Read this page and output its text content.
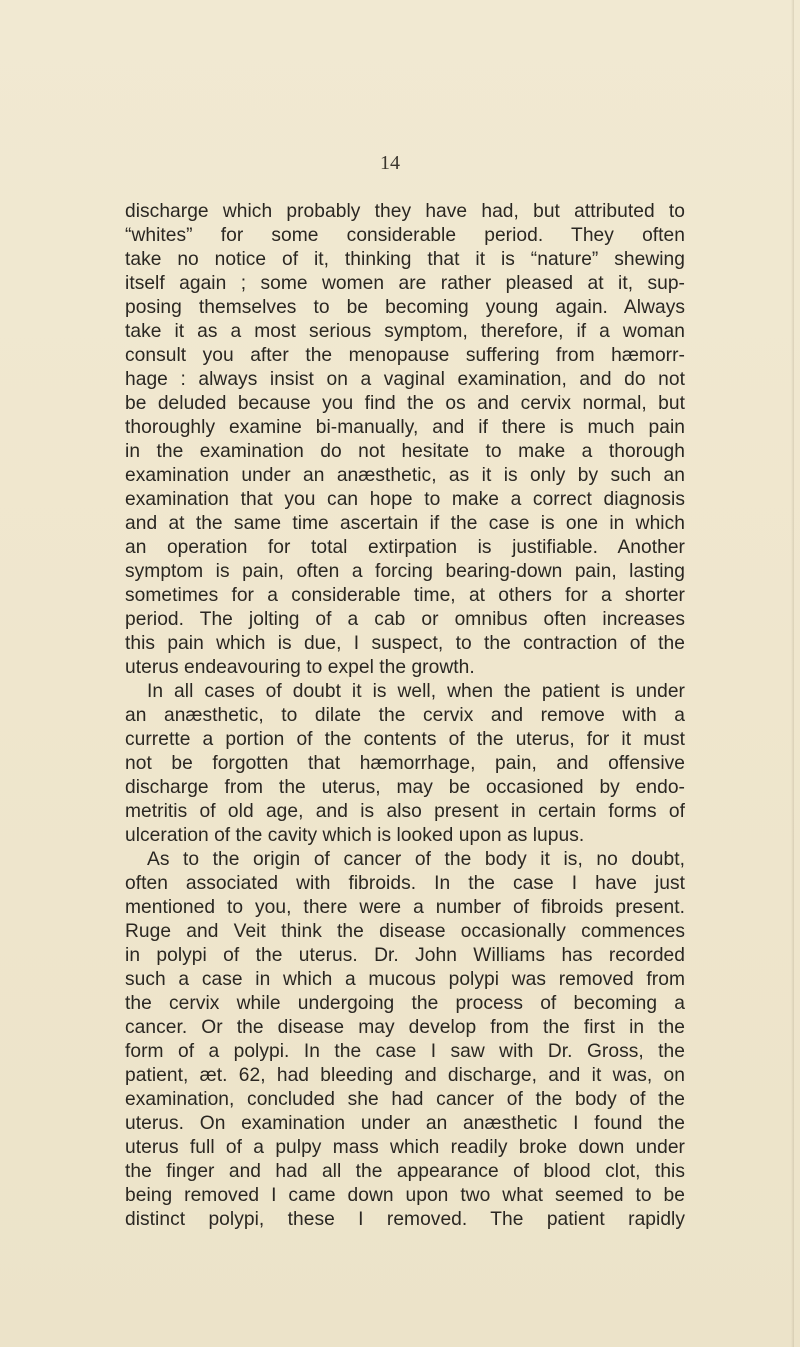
14
discharge which probably they have had, but attributed to
“whites” for some considerable period. They often
take no notice of it, thinking that it is “nature” shewing
itself again ; some women are rather pleased at it, sup-
posing themselves to be becoming young again. Always
take it as a most serious symptom, therefore, if a woman
consult you after the menopause suffering from hæmorr-
hage : always insist on a vaginal examination, and do not
be deluded because you find the os and cervix normal, but
thoroughly examine bi-manually, and if there is much pain
in the examination do not hesitate to make a thorough
examination under an anæsthetic, as it is only by such an
examination that you can hope to make a correct diagnosis
and at the same time ascertain if the case is one in which
an operation for total extirpation is justifiable. Another
symptom is pain, often a forcing bearing-down pain, lasting
sometimes for a considerable time, at others for a shorter
period. The jolting of a cab or omnibus often increases
this pain which is due, I suspect, to the contraction of the
uterus endeavouring to expel the growth.
In all cases of doubt it is well, when the patient is under
an anæsthetic, to dilate the cervix and remove with a
currette a portion of the contents of the uterus, for it must
not be forgotten that hæmorrhage, pain, and offensive
discharge from the uterus, may be occasioned by endo-
metritis of old age, and is also present in certain forms of
ulceration of the cavity which is looked upon as lupus.
As to the origin of cancer of the body it is, no doubt,
often associated with fibroids. In the case I have just
mentioned to you, there were a number of fibroids present.
Ruge and Veit think the disease occasionally commences
in polypi of the uterus. Dr. John Williams has recorded
such a case in which a mucous polypi was removed from
the cervix while undergoing the process of becoming a
cancer. Or the disease may develop from the first in the
form of a polypi. In the case I saw with Dr. Gross, the
patient, æt. 62, had bleeding and discharge, and it was, on
examination, concluded she had cancer of the body of the
uterus. On examination under an anæsthetic I found the
uterus full of a pulpy mass which readily broke down under
the finger and had all the appearance of blood clot, this
being removed I came down upon two what seemed to be
distinct polypi, these I removed. The patient rapidly
